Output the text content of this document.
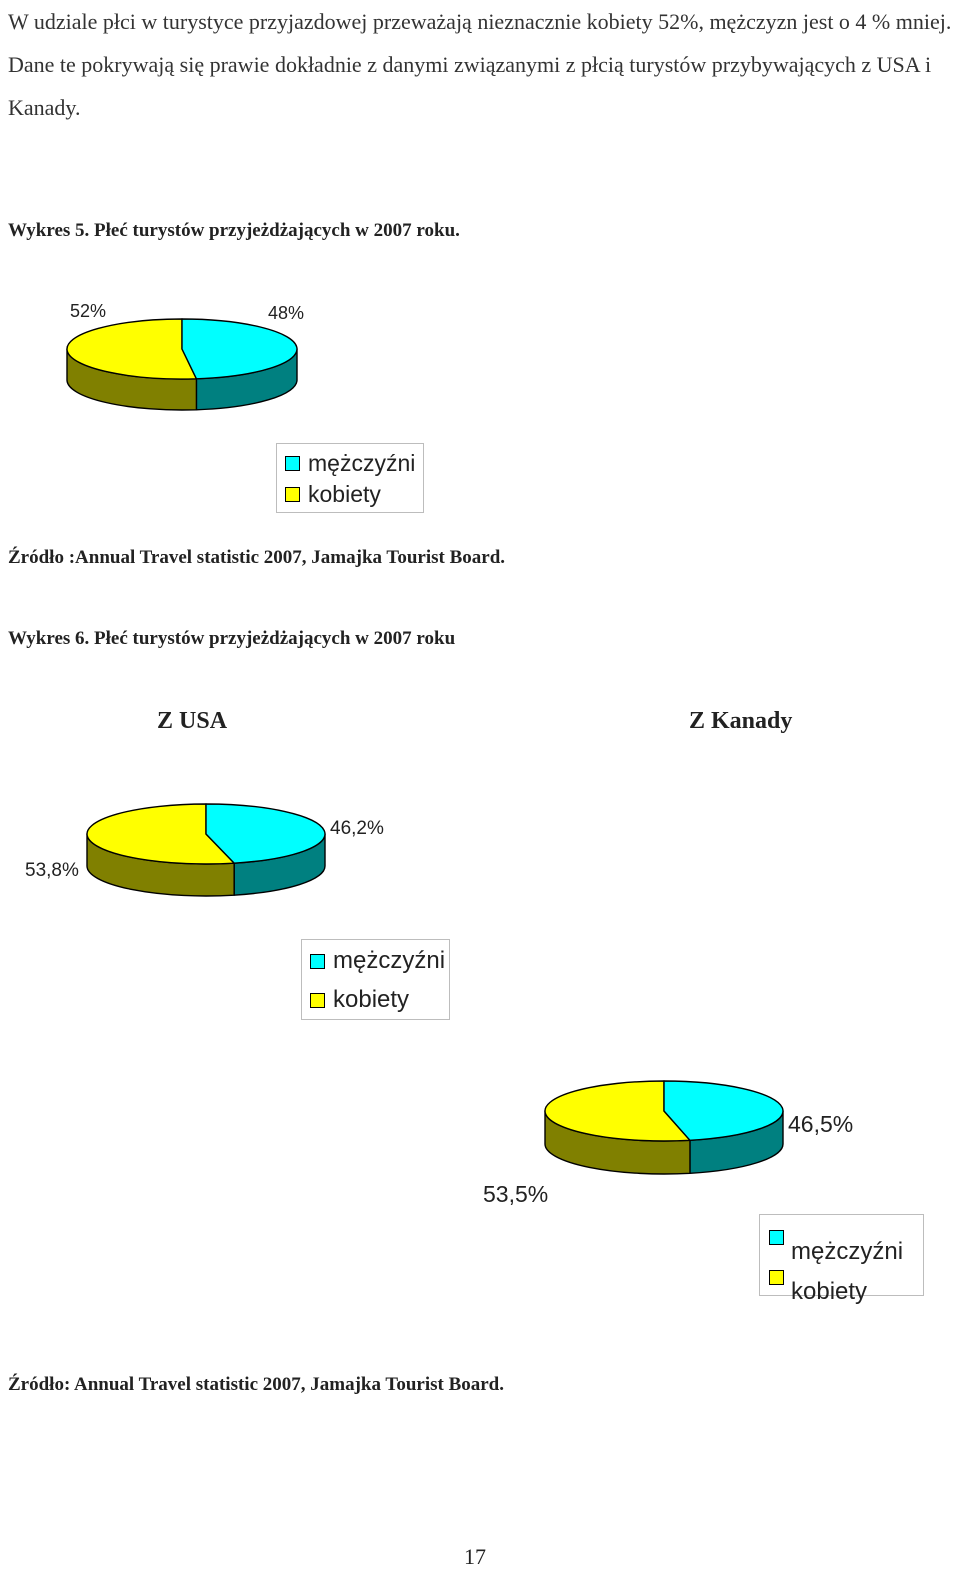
W udziale płci w turystyce przyjazdowej przeważają nieznacznie kobiety 52%, mężczyzn jest o 4 % mniej. Dane te pokrywają się prawie dokładnie z danymi związanymi z płcią turystów przybywających z USA i Kanady.
Wykres 5. Płeć turystów przyjeżdżających w 2007 roku.
52%	48%
mężczyźni
kobiety
Źródło :Annual Travel statistic 2007, Jamajka Tourist Board.
Wykres 6. Płeć turystów przyjeżdżających w 2007 roku
Z USA	Z Kanady
46,2%
53,8%
mężczyźni
kobiety
46,5%
53,5%
mężczyźni
kobiety
Źródło: Annual Travel statistic 2007, Jamajka Tourist Board.
17
